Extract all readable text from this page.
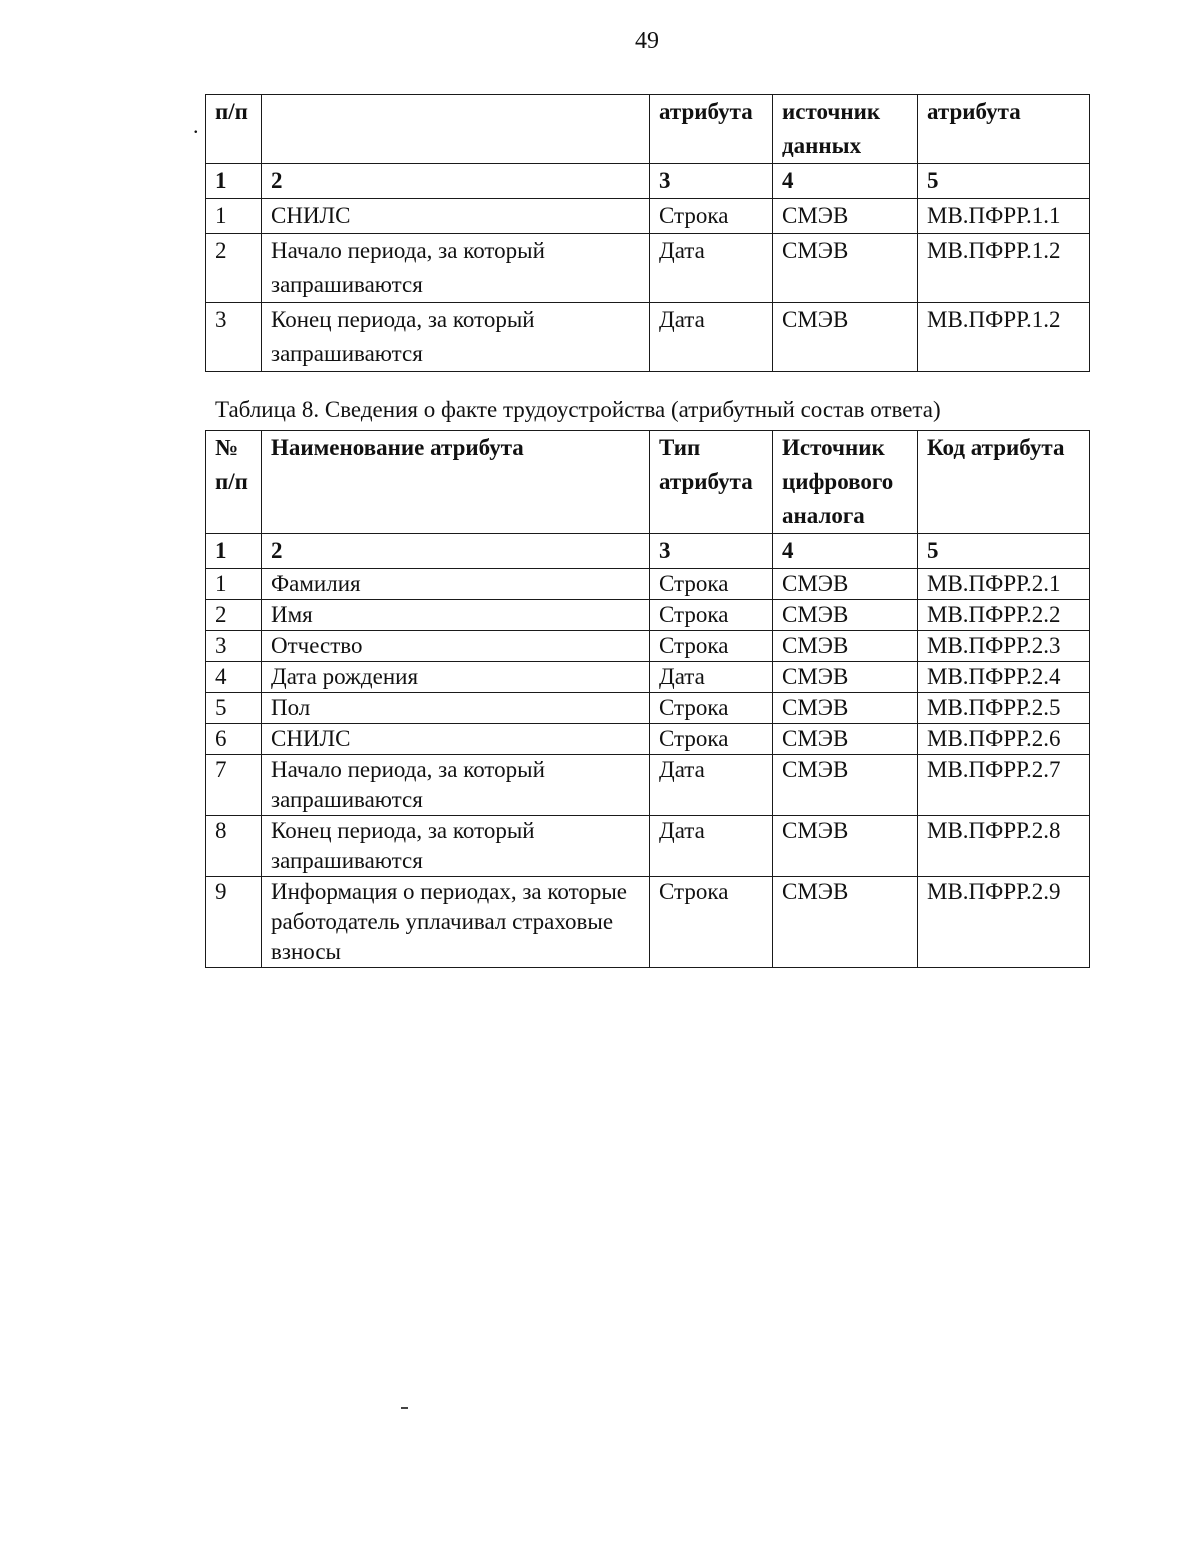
49
.
п/п		атрибута	источник данных	атрибута
1	2	3	4	5
1	СНИЛС	Строка	СМЭВ	МВ.ПФРР.1.1
2	Начало периода, за который запрашиваются	Дата	СМЭВ	МВ.ПФРР.1.2
3	Конец периода, за который запрашиваются	Дата	СМЭВ	МВ.ПФРР.1.2
Таблица 8. Сведения о факте трудоустройства (атрибутный состав ответа)
№ п/п	Наименование атрибута	Тип атрибута	Источник цифрового аналога	Код атрибута
1	2	3	4	5
1	Фамилия	Строка	СМЭВ	МВ.ПФРР.2.1
2	Имя	Строка	СМЭВ	МВ.ПФРР.2.2
3	Отчество	Строка	СМЭВ	МВ.ПФРР.2.3
4	Дата рождения	Дата	СМЭВ	МВ.ПФРР.2.4
5	Пол	Строка	СМЭВ	МВ.ПФРР.2.5
6	СНИЛС	Строка	СМЭВ	МВ.ПФРР.2.6
7	Начало периода, за который запрашиваются	Дата	СМЭВ	МВ.ПФРР.2.7
8	Конец периода, за который запрашиваются	Дата	СМЭВ	МВ.ПФРР.2.8
9	Информация о периодах, за которые работодатель уплачивал страховые взносы	Строка	СМЭВ	МВ.ПФРР.2.9
